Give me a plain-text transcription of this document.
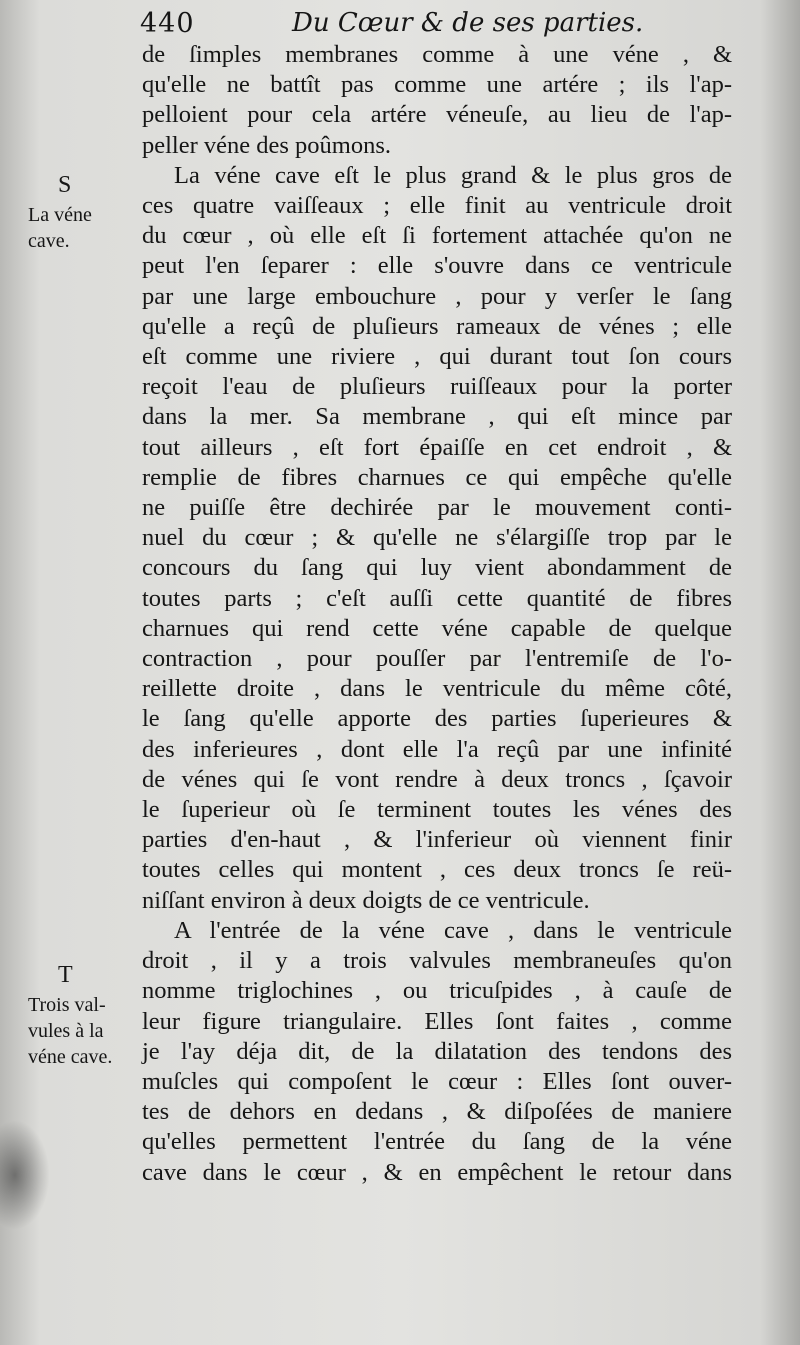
440	Du Cœur & de ses parties.
S
La véne
cave.
T
Trois val-
vules à la
véne cave.
de ſimples membranes comme à une véne , &
qu'elle ne battît pas comme une artére ; ils l'ap-
pelloient pour cela artére véneuſe, au lieu de l'ap-
peller véne des poûmons.
La véne cave eſt le plus grand & le plus gros de
ces quatre vaiſſeaux ; elle finit au ventricule droit
du cœur , où elle eſt ſi fortement attachée qu'on ne
peut l'en ſeparer : elle s'ouvre dans ce ventricule
par une large embouchure , pour y verſer le ſang
qu'elle a reçû de pluſieurs rameaux de vénes ; elle
eſt comme une riviere , qui durant tout ſon cours
reçoit l'eau de pluſieurs ruiſſeaux pour la porter
dans la mer. Sa membrane , qui eſt mince par
tout ailleurs , eſt fort épaiſſe en cet endroit , &
remplie de fibres charnues ce qui empêche qu'elle
ne puiſſe être dechirée par le mouvement conti-
nuel du cœur ; & qu'elle ne s'élargiſſe trop par le
concours du ſang qui luy vient abondamment de
toutes parts ; c'eſt auſſi cette quantité de fibres
charnues qui rend cette véne capable de quelque
contraction , pour pouſſer par l'entremiſe de l'o-
reillette droite , dans le ventricule du même côté,
le ſang qu'elle apporte des parties ſuperieures &
des inferieures , dont elle l'a reçû par une infinité
de vénes qui ſe vont rendre à deux troncs , ſçavoir
le ſuperieur où ſe terminent toutes les vénes des
parties d'en-haut , & l'inferieur où viennent finir
toutes celles qui montent , ces deux troncs ſe reü-
niſſant environ à deux doigts de ce ventricule.
A l'entrée de la véne cave , dans le ventricule
droit , il y a trois valvules membraneuſes qu'on
nomme triglochines , ou tricuſpides , à cauſe de
leur figure triangulaire. Elles ſont faites , comme
je l'ay déja dit, de la dilatation des tendons des
muſcles qui compoſent le cœur : Elles ſont ouver-
tes de dehors en dedans , & diſpoſées de maniere
qu'elles permettent l'entrée du ſang de la véne
cave dans le cœur , & en empêchent le retour dans
